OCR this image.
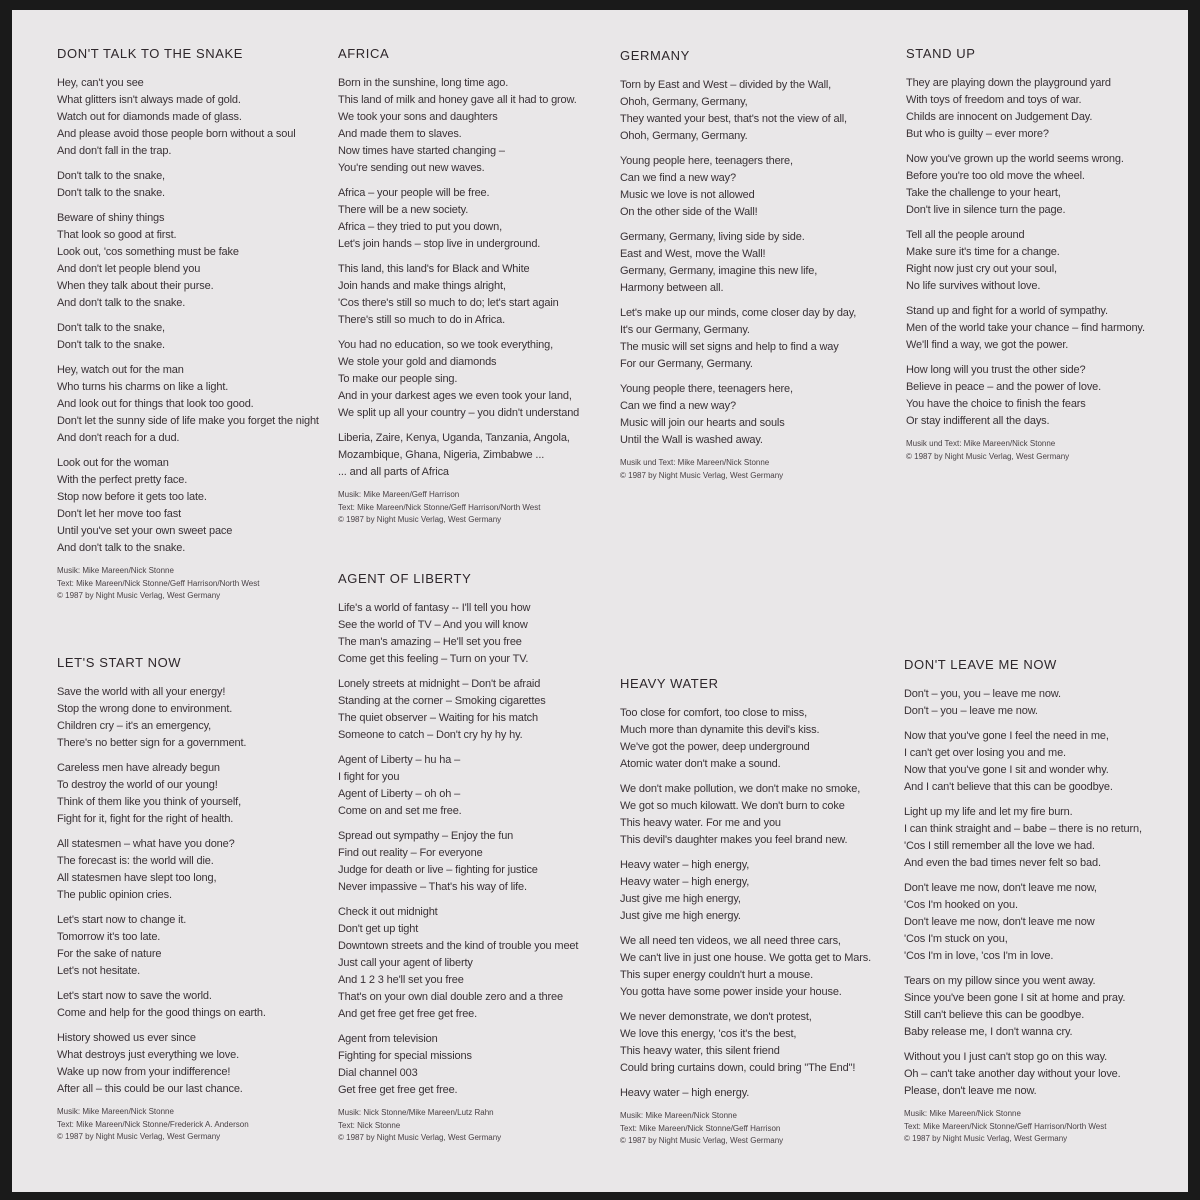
DON'T TALK TO THE SNAKE
Hey, can't you see
What glitters isn't always made of gold.
Watch out for diamonds made of glass.
And please avoid those people born without a soul
And don't fall in the trap.
Don't talk to the snake,
Don't talk to the snake.
Beware of shiny things
That look so good at first.
Look out, 'cos something must be fake
And don't let people blend you
When they talk about their purse.
And don't talk to the snake.
Don't talk to the snake,
Don't talk to the snake.
Hey, watch out for the man
Who turns his charms on like a light.
And look out for things that look too good.
Don't let the sunny side of life make you forget the night
And don't reach for a dud.
Look out for the woman
With the perfect pretty face.
Stop now before it gets too late.
Don't let her move too fast
Until you've set your own sweet pace
And don't talk to the snake.
Musik: Mike Mareen/Nick Stonne
Text: Mike Mareen/Nick Stonne/Geff Harrison/North West
© 1987 by Night Music Verlag, West Germany
AFRICA
Born in the sunshine, long time ago.
This land of milk and honey gave all it had to grow.
We took your sons and daughters
And made them to slaves.
Now times have started changing –
You're sending out new waves.
Africa – your people will be free.
There will be a new society.
Africa – they tried to put you down,
Let's join hands – stop live in underground.
This land, this land's for Black and White
Join hands and make things alright,
'Cos there's still so much to do; let's start again
There's still so much to do in Africa.
You had no education, so we took everything,
We stole your gold and diamonds
To make our people sing.
And in your darkest ages we even took your land,
We split up all your country – you didn't understand
Liberia, Zaire, Kenya, Uganda, Tanzania, Angola,
Mozambique, Ghana, Nigeria, Zimbabwe ...
... and all parts of Africa
Musik: Mike Mareen/Geff Harrison
Text: Mike Mareen/Nick Stonne/Geff Harrison/North West
© 1987 by Night Music Verlag, West Germany
GERMANY
Torn by East and West – divided by the Wall,
Ohoh, Germany, Germany,
They wanted your best, that's not the view of all,
Ohoh, Germany, Germany.
Young people here, teenagers there,
Can we find a new way?
Music we love is not allowed
On the other side of the Wall!
Germany, Germany, living side by side.
East and West, move the Wall!
Germany, Germany, imagine this new life,
Harmony between all.
Let's make up our minds, come closer day by day,
It's our Germany, Germany.
The music will set signs and help to find a way
For our Germany, Germany.
Young people there, teenagers here,
Can we find a new way?
Music will join our hearts and souls
Until the Wall is washed away.
Musik und Text: Mike Mareen/Nick Stonne
© 1987 by Night Music Verlag, West Germany
STAND UP
They are playing down the playground yard
With toys of freedom and toys of war.
Childs are innocent on Judgement Day.
But who is guilty – ever more?
Now you've grown up the world seems wrong.
Before you're too old move the wheel.
Take the challenge to your heart,
Don't live in silence turn the page.
Tell all the people around
Make sure it's time for a change.
Right now just cry out your soul,
No life survives without love.
Stand up and fight for a world of sympathy.
Men of the world take your chance – find harmony.
We'll find a way, we got the power.
How long will you trust the other side?
Believe in peace – and the power of love.
You have the choice to finish the fears
Or stay indifferent all the days.
Musik und Text: Mike Mareen/Nick Stonne
© 1987 by Night Music Verlag, West Germany
LET'S START NOW
Save the world with all your energy!
Stop the wrong done to environment.
Children cry – it's an emergency,
There's no better sign for a government.
Careless men have already begun
To destroy the world of our young!
Think of them like you think of yourself,
Fight for it, fight for the right of health.
All statesmen – what have you done?
The forecast is: the world will die.
All statesmen have slept too long,
The public opinion cries.
Let's start now to change it.
Tomorrow it's too late.
For the sake of nature
Let's not hesitate.
Let's start now to save the world.
Come and help for the good things on earth.
History showed us ever since
What destroys just everything we love.
Wake up now from your indifference!
After all – this could be our last chance.
Musik: Mike Mareen/Nick Stonne
Text: Mike Mareen/Nick Stonne/Frederick A. Anderson
© 1987 by Night Music Verlag, West Germany
AGENT OF LIBERTY
Life's a world of fantasy -- I'll tell you how
See the world of TV – And you will know
The man's amazing – He'll set you free
Come get this feeling – Turn on your TV.
Lonely streets at midnight – Don't be afraid
Standing at the corner – Smoking cigarettes
The quiet observer – Waiting for his match
Someone to catch – Don't cry hy hy hy.
Agent of Liberty – hu ha –
I fight for you
Agent of Liberty – oh oh –
Come on and set me free.
Spread out sympathy – Enjoy the fun
Find out reality – For everyone
Judge for death or live – fighting for justice
Never impassive – That's his way of life.
Check it out midnight
Don't get up tight
Downtown streets and the kind of trouble you meet
Just call your agent of liberty
And 1 2 3 he'll set you free
That's on your own dial double zero and a three
And get free get free get free.
Agent from television
Fighting for special missions
Dial channel 003
Get free get free get free.
Musik: Nick Stonne/Mike Mareen/Lutz Rahn
Text: Nick Stonne
© 1987 by Night Music Verlag, West Germany
HEAVY WATER
Too close for comfort, too close to miss,
Much more than dynamite this devil's kiss.
We've got the power, deep underground
Atomic water don't make a sound.
We don't make pollution, we don't make no smoke,
We got so much kilowatt. We don't burn to coke
This heavy water. For me and you
This devil's daughter makes you feel brand new.
Heavy water – high energy,
Heavy water – high energy,
Just give me high energy,
Just give me high energy.
We all need ten videos, we all need three cars,
We can't live in just one house. We gotta get to Mars.
This super energy couldn't hurt a mouse.
You gotta have some power inside your house.
We never demonstrate, we don't protest,
We love this energy, 'cos it's the best,
This heavy water, this silent friend
Could bring curtains down, could bring "The End"!
Heavy water – high energy.
Musik: Mike Mareen/Nick Stonne
Text: Mike Mareen/Nick Stonne/Geff Harrison
© 1987 by Night Music Verlag, West Germany
DON'T LEAVE ME NOW
Don't – you, you – leave me now.
Don't – you – leave me now.
Now that you've gone I feel the need in me,
I can't get over losing you and me.
Now that you've gone I sit and wonder why.
And I can't believe that this can be goodbye.
Light up my life and let my fire burn.
I can think straight and – babe – there is no return,
'Cos I still remember all the love we had.
And even the bad times never felt so bad.
Don't leave me now, don't leave me now,
'Cos I'm hooked on you.
Don't leave me now, don't leave me now
'Cos I'm stuck on you,
'Cos I'm in love, 'cos I'm in love.
Tears on my pillow since you went away.
Since you've been gone I sit at home and pray.
Still can't believe this can be goodbye.
Baby release me, I don't wanna cry.
Without you I just can't stop go on this way.
Oh – can't take another day without your love.
Please, don't leave me now.
Musik: Mike Mareen/Nick Stonne
Text: Mike Mareen/Nick Stonne/Geff Harrison/North West
© 1987 by Night Music Verlag, West Germany
